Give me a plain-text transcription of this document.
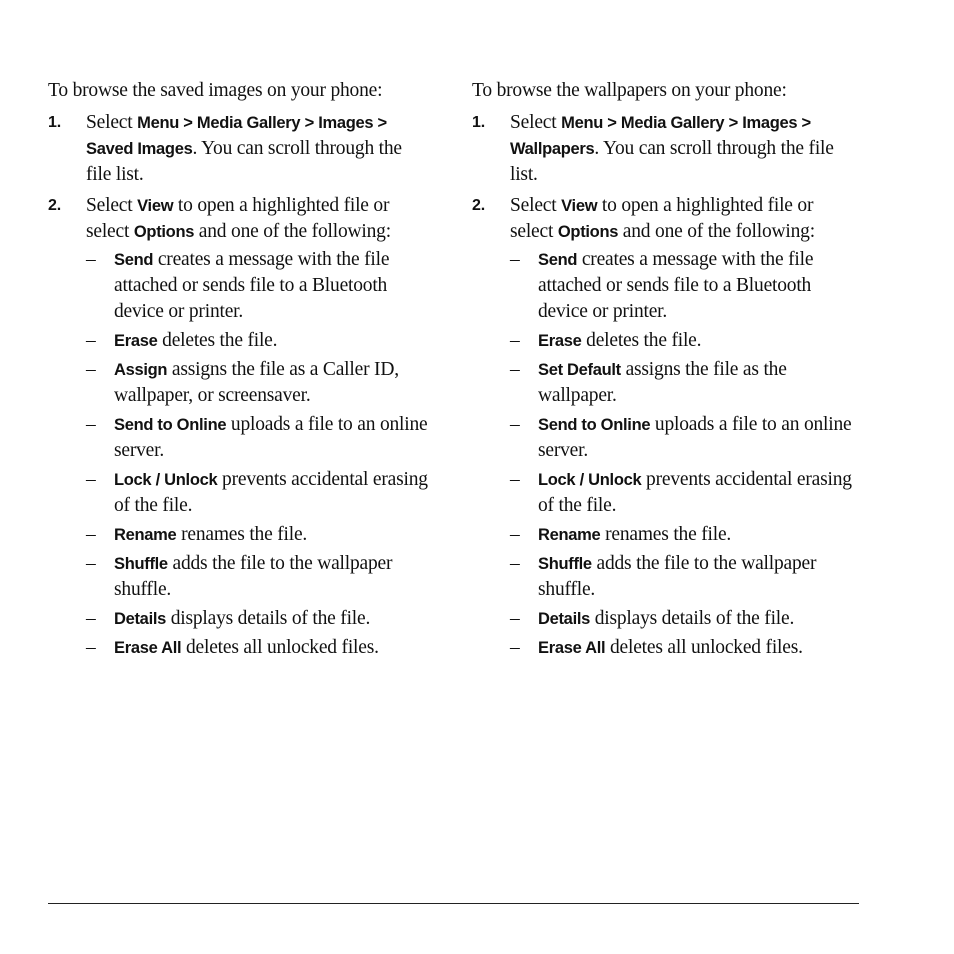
To browse the saved images on your phone:

1. Select Menu > Media Gallery > Images > Saved Images. You can scroll through the file list.
2. Select View to open a highlighted file or select Options and one of the following:
– Send creates a message with the file attached or sends file to a Bluetooth device or printer.
– Erase deletes the file.
– Assign assigns the file as a Caller ID, wallpaper, or screensaver.
– Send to Online uploads a file to an online server.
– Lock / Unlock prevents accidental erasing of the file.
– Rename renames the file.
– Shuffle adds the file to the wallpaper shuffle.
– Details displays details of the file.
– Erase All deletes all unlocked files.

To browse the wallpapers on your phone:

1. Select Menu > Media Gallery > Images > Wallpapers. You can scroll through the file list.
2. Select View to open a highlighted file or select Options and one of the following:
– Send creates a message with the file attached or sends file to a Bluetooth device or printer.
– Erase deletes the file.
– Set Default assigns the file as the wallpaper.
– Send to Online uploads a file to an online server.
– Lock / Unlock prevents accidental erasing of the file.
– Rename renames the file.
– Shuffle adds the file to the wallpaper shuffle.
– Details displays details of the file.
– Erase All deletes all unlocked files.
